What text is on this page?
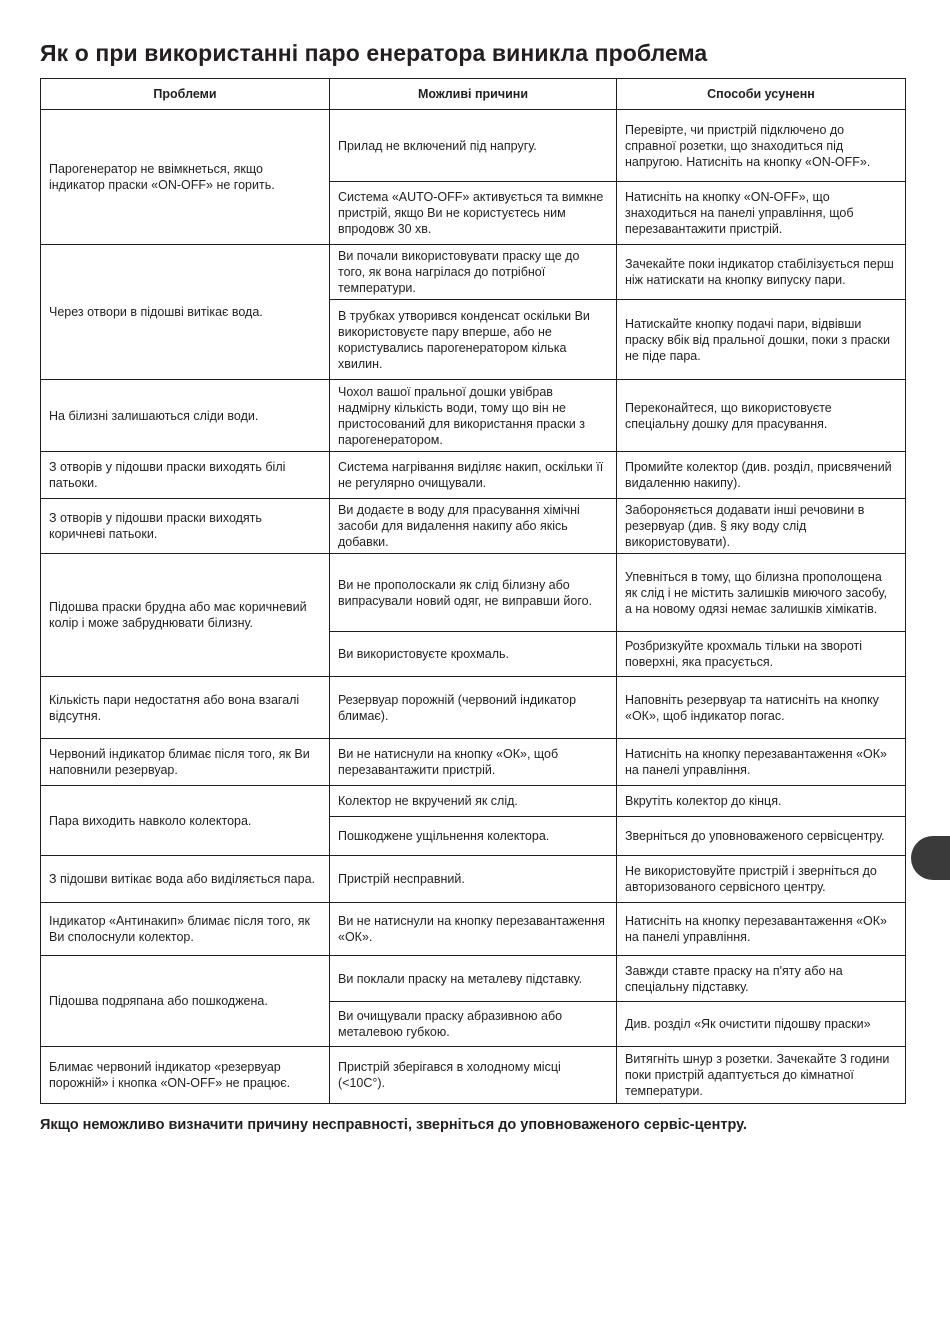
Як о при використанні паро енератора виникла проблема
Проблеми	Можливі причини	Способи усуненн
Парогенератор не ввімкнеться, якщо індикатор праски «ON-OFF» не горить.	Прилад не включений під напругу.	Перевірте, чи пристрій підключено до справної розетки, що знаходиться під напругою. Натисніть на кнопку «ON-OFF».
	Система «AUTO-OFF» активується та вимкне пристрій, якщо Ви не користуєтесь ним впродовж 30 хв.	Натисніть на кнопку «ON-OFF», що знаходиться на панелі управління, щоб перезавантажити пристрій.
Через отвори в підошві витікає вода.	Ви почали використовувати праску ще до того, як вона нагрілася до потрібної температури.	Зачекайте поки індикатор стабілізується перш ніж натискати на кнопку випуску пари.
	В трубках утворився конденсат оскільки Ви використовуєте пару вперше, або не користувались парогенератором кілька хвилин.	Натискайте кнопку подачі пари, відвівши праску вбік від пральної дошки, поки з праски не піде пара.
На білизні залишаються сліди води.	Чохол вашої пральної дошки увібрав надмірну кількість води, тому що він не пристосований для використання праски з парогенератором.	Переконайтеся, що використовуєте спеціальну дошку для прасування.
З отворів у підошви праски виходять білі патьоки.	Система нагрівання виділяє накип, оскільки її не регулярно очищували.	Промийте колектор (див. розділ, присвячений видаленню накипу).
З отворів у підошви праски виходять коричневі патьоки.	Ви додаєте в воду для прасування хімічні засоби для видалення накипу або якісь добавки.	Забороняється додавати інші речовини в резервуар (див. § яку воду слід використовувати).
Підошва праски брудна або має коричневий колір і може забруднювати білизну.	Ви не прополоскали як слід білизну або випрасували новий одяг, не виправши його.	Упевніться в тому, що білизна прополощена як слід і не містить залишків миючого засобу, а на новому одязі немає залишків хімікатів.
	Ви використовуєте крохмаль.	Розбризкуйте крохмаль тільки на звороті поверхні, яка прасується.
Кількість пари недостатня або вона взагалі відсутня.	Резервуар порожній (червоний індикатор блимає).	Наповніть резервуар та натисніть на кнопку «ОК», щоб індикатор погас.
Червоний індикатор блимає після того, як Ви наповнили резервуар.	Ви не натиснули на кнопку «ОК», щоб перезавантажити пристрій.	Натисніть на кнопку перезавантаження «ОК» на панелі управління.
Пара виходить навколо колектора.	Колектор не вкручений як слід.	Вкрутіть колектор до кінця.
	Пошкоджене ущільнення колектора.	Зверніться до уповноваженого сервісцентру.
З підошви витікає вода або виділяється пара.	Пристрій несправний.	Не використовуйте пристрій і зверніться до авторизованого сервісного центру.
Індикатор «Антинакип» блимає після того, як Ви сполоснули колектор.	Ви не натиснули на кнопку перезавантаження «ОК».	Натисніть на кнопку перезавантаження «ОК» на панелі управління.
Підошва подряпана або пошкоджена.	Ви поклали праску на металеву підставку.	Завжди ставте праску на п'яту або на спеціальну підставку.
	Ви очищували праску абразивною або металевою губкою.	Див. розділ «Як очистити підошву праски»
Блимає червоний індикатор «резервуар порожній» і кнопка «ON-OFF» не працює.	Пристрій зберігався в холодному місці (<10С°).	Витягніть шнур з розетки. Зачекайте 3 години поки пристрій адаптується до кімнатної температури.
Якщо неможливо визначити причину несправності, зверніться до уповноваженого сервіс-центру.
